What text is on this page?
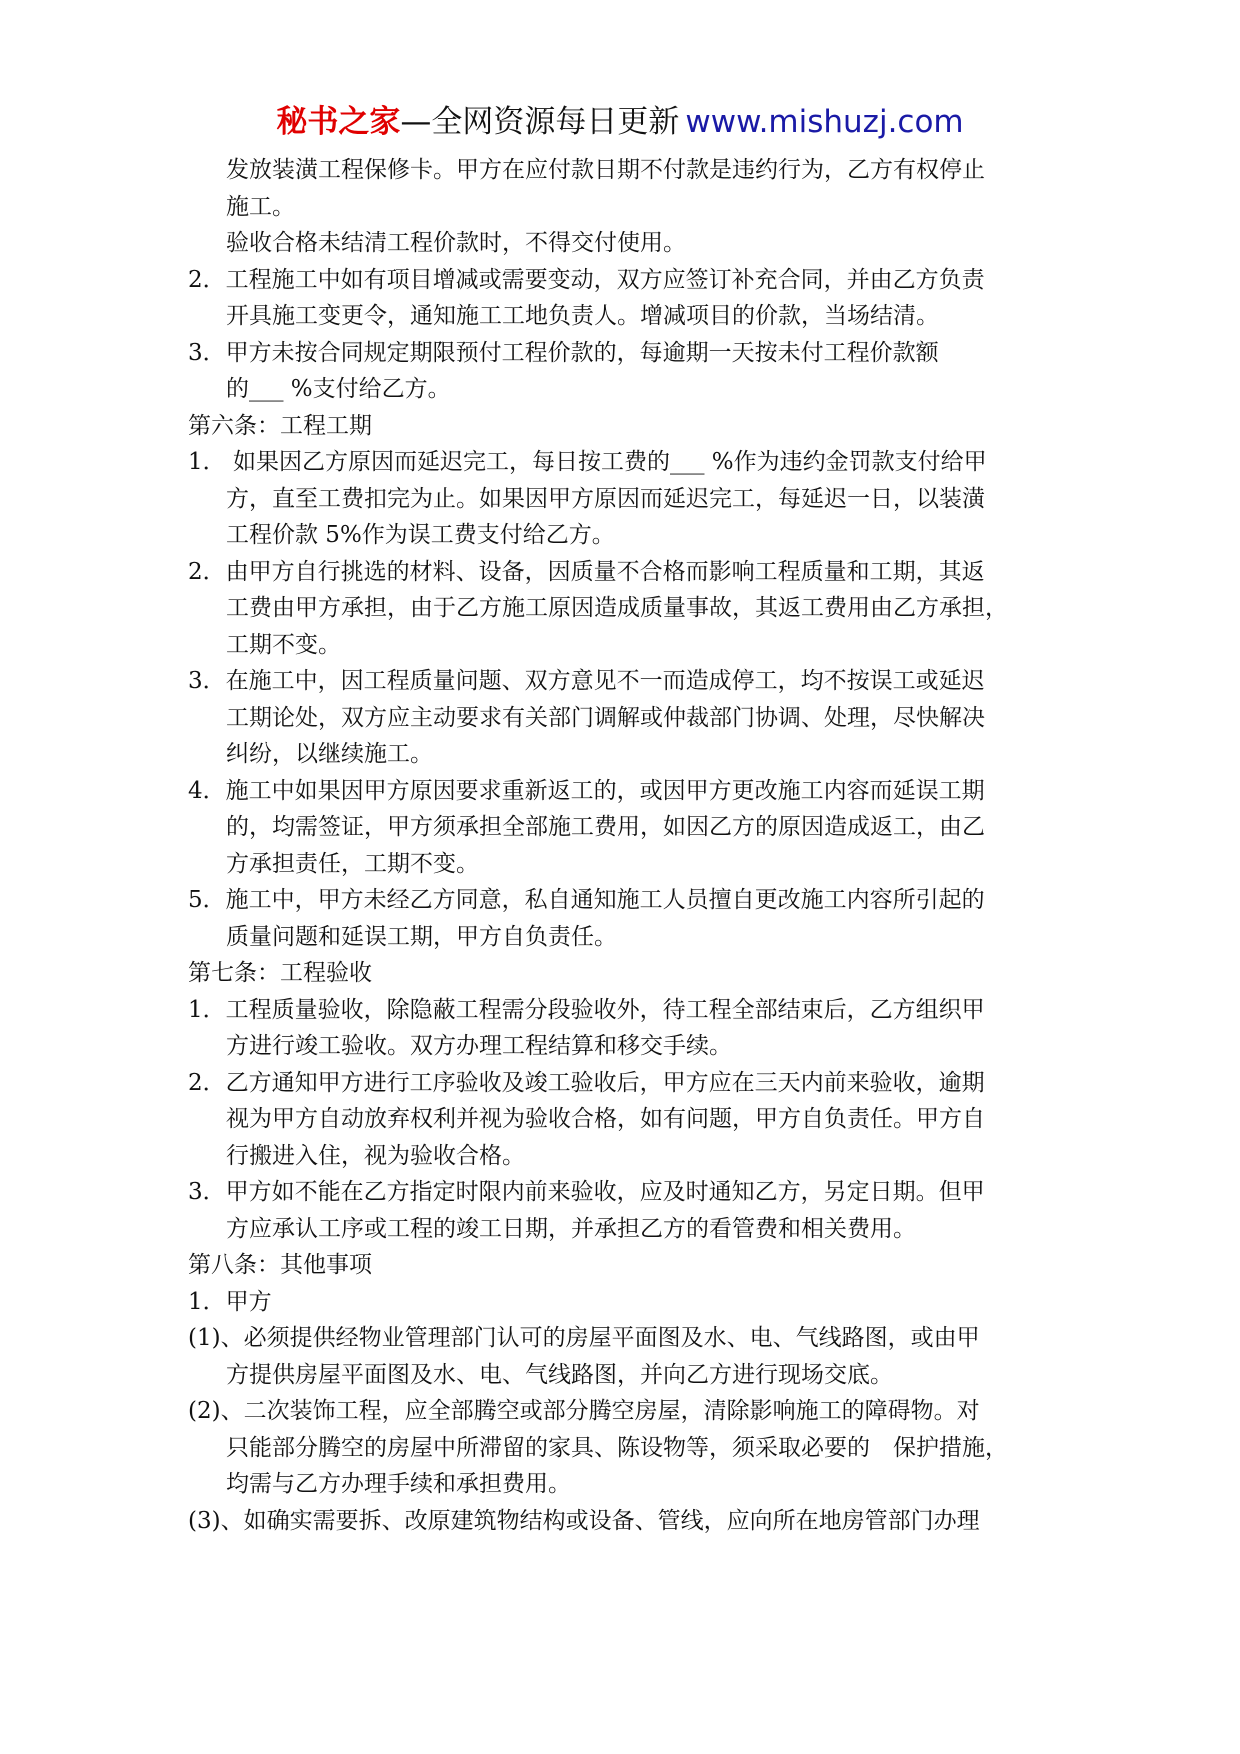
秘书之家—全网资源每日更新 www.mishuzj.com
发放装潢工程保修卡。甲方在应付款日期不付款是违约行为，乙方有权停止
施工。
验收合格未结清工程价款时，不得交付使用。
2．工程施工中如有项目增减或需要变动，双方应签订补充合同，并由乙方负责
开具施工变更令，通知施工工地负责人。增减项目的价款，当场结清。
3．甲方未按合同规定期限预付工程价款的，每逾期一天按未付工程价款额
的___ %支付给乙方。
第六条：工程工期
1． 如果因乙方原因而延迟完工，每日按工费的___ %作为违约金罚款支付给甲
方，直至工费扣完为止。如果因甲方原因而延迟完工，每延迟一日，以装潢
工程价款 5%作为误工费支付给乙方。
2．由甲方自行挑选的材料、设备，因质量不合格而影响工程质量和工期，其返
工费由甲方承担，由于乙方施工原因造成质量事故，其返工费用由乙方承担，
工期不变。
3．在施工中，因工程质量问题、双方意见不一而造成停工，均不按误工或延迟
工期论处，双方应主动要求有关部门调解或仲裁部门协调、处理，尽快解决
纠纷，以继续施工。
4．施工中如果因甲方原因要求重新返工的，或因甲方更改施工内容而延误工期
的，均需签证，甲方须承担全部施工费用，如因乙方的原因造成返工，由乙
方承担责任，工期不变。
5．施工中，甲方未经乙方同意，私自通知施工人员擅自更改施工内容所引起的
质量问题和延误工期，甲方自负责任。
第七条：工程验收
1．工程质量验收，除隐蔽工程需分段验收外，待工程全部结束后，乙方组织甲
方进行竣工验收。双方办理工程结算和移交手续。
2．乙方通知甲方进行工序验收及竣工验收后，甲方应在三天内前来验收，逾期
视为甲方自动放弃权利并视为验收合格，如有问题，甲方自负责任。甲方自
行搬进入住，视为验收合格。
3．甲方如不能在乙方指定时限内前来验收，应及时通知乙方，另定日期。但甲
方应承认工序或工程的竣工日期，并承担乙方的看管费和相关费用。
第八条：其他事项
1．甲方
(1)、必须提供经物业管理部门认可的房屋平面图及水、电、气线路图，或由甲
方提供房屋平面图及水、电、气线路图，并向乙方进行现场交底。
(2)、二次装饰工程，应全部腾空或部分腾空房屋，清除影响施工的障碍物。对
只能部分腾空的房屋中所滞留的家具、陈设物等，须采取必要的　保护措施，
均需与乙方办理手续和承担费用。
(3)、如确实需要拆、改原建筑物结构或设备、管线，应向所在地房管部门办理
